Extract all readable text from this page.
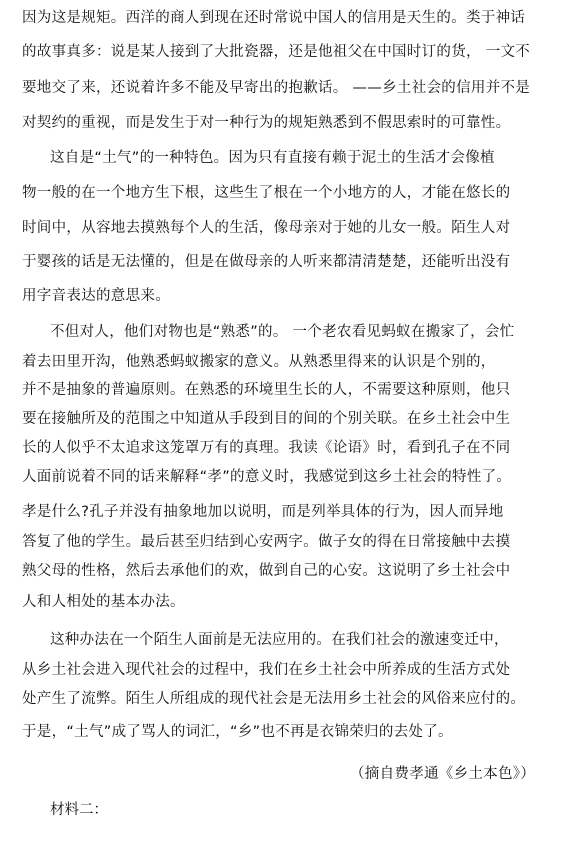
因为这是规矩。西洋的商人到现在还时常说中国人的信用是天生的。类于神话
的故事真多：说是某人接到了大批瓷器，还是他祖父在中国时订的货， 一文不
要地交了来，还说着许多不能及早寄出的抱歉话。 ——乡土社会的信用并不是
对契约的重视，而是发生于对一种行为的规矩熟悉到不假思索时的可靠性。
这自是“土气”的一种特色。因为只有直接有赖于泥土的生活才会像植
物一般的在一个地方生下根，这些生了根在一个小地方的人，才能在悠长的
时间中，从容地去摸熟每个人的生活，像母亲对于她的儿女一般。陌生人对
于婴孩的话是无法懂的，但是在做母亲的人听来都清清楚楚，还能听出没有
用字音表达的意思来。
不但对人，他们对物也是“熟悉”的。 一个老农看见蚂蚁在搬家了，会忙
着去田里开沟，他熟悉蚂蚁搬家的意义。从熟悉里得来的认识是个别的，
并不是抽象的普遍原则。在熟悉的环境里生长的人，不需要这种原则，他只
要在接触所及的范围之中知道从手段到目的间的个别关联。在乡土社会中生
长的人似乎不太追求这笼罩万有的真理。我读《论语》时，看到孔子在不同
人面前说着不同的话来解释“孝”的意义时，我感觉到这乡土社会的特性了。
孝是什么?孔子并没有抽象地加以说明，而是列举具体的行为，因人而异地
答复了他的学生。最后甚至归结到心安两字。做子女的得在日常接触中去摸
熟父母的性格，然后去承他们的欢，做到自己的心安。这说明了乡土社会中
人和人相处的基本办法。
这种办法在一个陌生人面前是无法应用的。在我们社会的激速变迁中，
从乡土社会进入现代社会的过程中，我们在乡土社会中所养成的生活方式处
处产生了流弊。陌生人所组成的现代社会是无法用乡土社会的风俗来应付的。
于是，“土气”成了骂人的词汇，“乡”也不再是衣锦荣归的去处了。
（摘自费孝通《乡土本色》）
材料二：
